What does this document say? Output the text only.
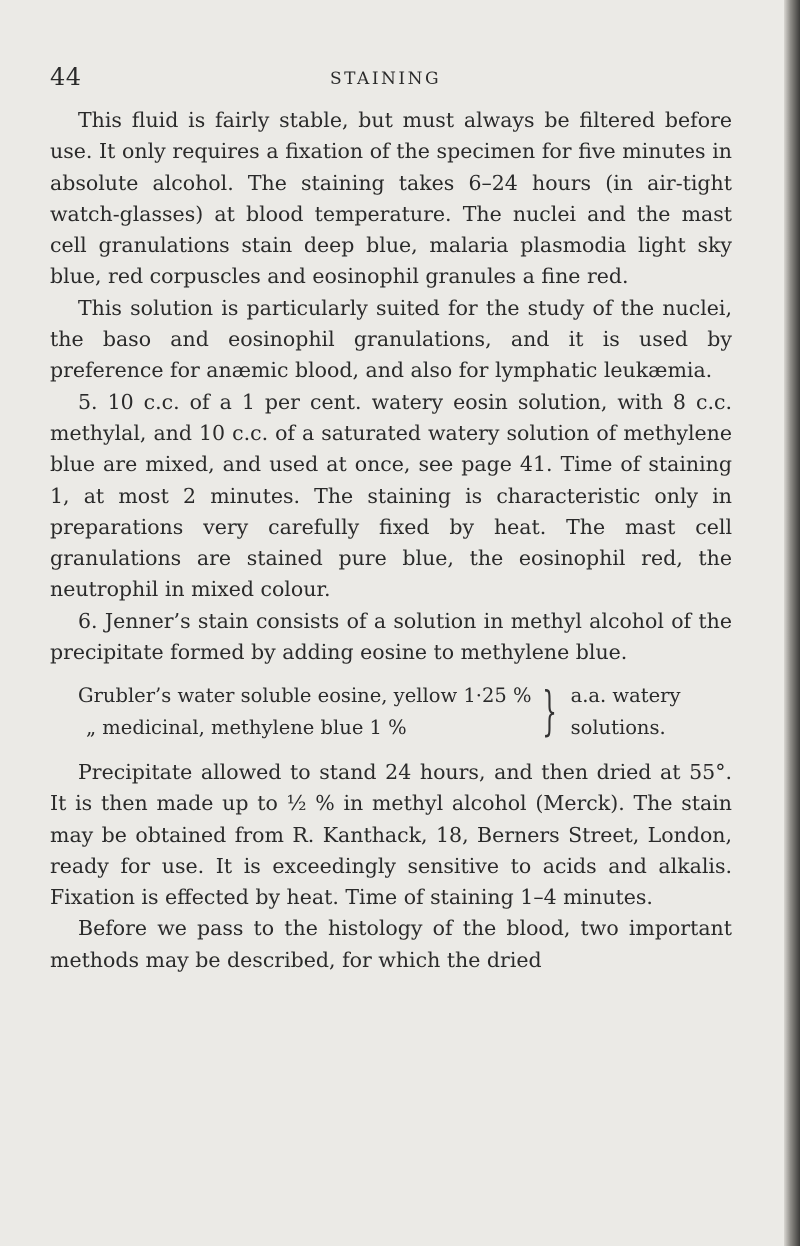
44	STAINING

This fluid is fairly stable, but must always be filtered before use. It only requires a fixation of the specimen for five minutes in absolute alcohol. The staining takes 6–24 hours (in air-tight watch-glasses) at blood temperature. The nuclei and the mast cell granulations stain deep blue, malaria plasmodia light sky blue, red corpuscles and eosinophil granules a fine red.

This solution is particularly suited for the study of the nuclei, the baso and eosinophil granulations, and it is used by preference for anæmic blood, and also for lymphatic leukæmia.

5. 10 c.c. of a 1 per cent. watery eosin solution, with 8 c.c. methylal, and 10 c.c. of a saturated watery solution of methylene blue are mixed, and used at once, see page 41. Time of staining 1, at most 2 minutes. The staining is characteristic only in preparations very carefully fixed by heat. The mast cell granulations are stained pure blue, the eosinophil red, the neutrophil in mixed colour.

6. Jenner’s stain consists of a solution in methyl alcohol of the precipitate formed by adding eosine to methylene blue.

Grubler’s water soluble eosine, yellow 1·25 %
„ medicinal, methylene blue 1 %	} a.a. watery
solutions.

Precipitate allowed to stand 24 hours, and then dried at 55°. It is then made up to ½ % in methyl alcohol (Merck). The stain may be obtained from R. Kanthack, 18, Berners Street, London, ready for use. It is exceedingly sensitive to acids and alkalis. Fixation is effected by heat. Time of staining 1–4 minutes.

Before we pass to the histology of the blood, two important methods may be described, for which the dried
